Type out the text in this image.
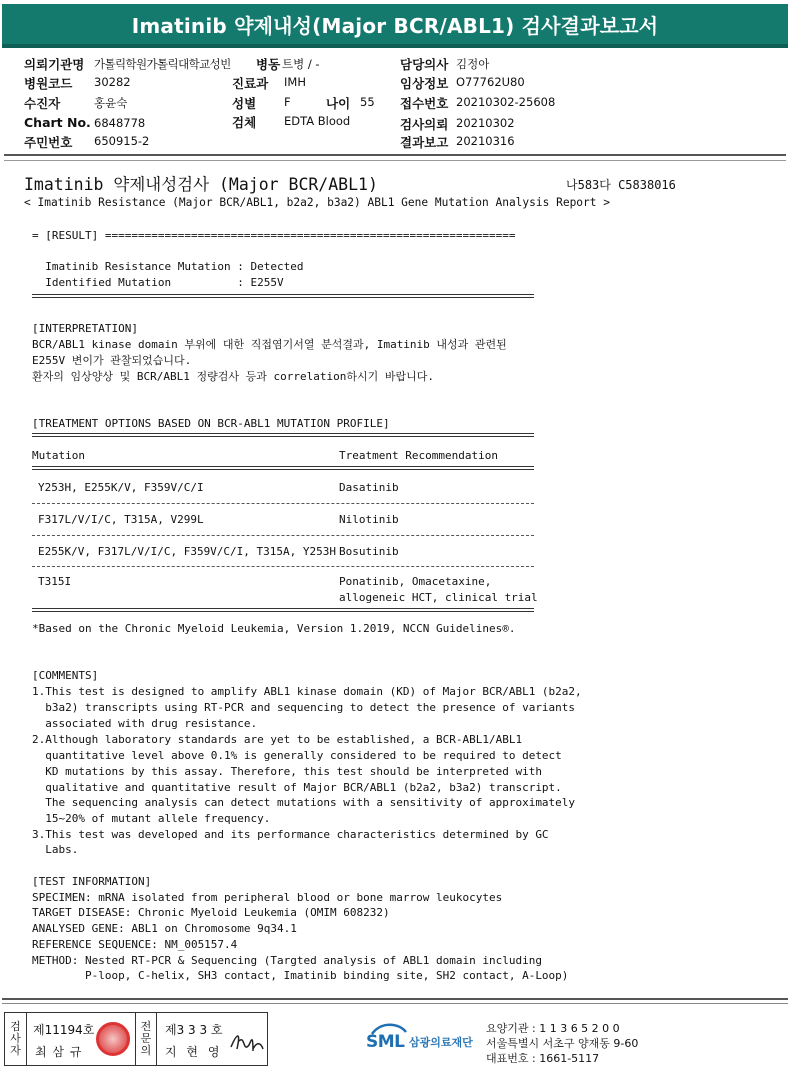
Imatinib 약제내성(Major BCR/ABL1) 검사결과보고서
의뢰기관명 가톨릭학원가톨릭대학교성빈 병동 트병 / -	담당의사 김정아
병원코드 30282	진료과 IMH	임상정보 O77762U80
수진자	홍윤숙	성별 F	나이 55 접수번호 20210302-25608
Chart No. 6848778	검체 EDTA Blood	검사의뢰 20210302
주민번호 650915-2	결과보고 20210316
Imatinib 약제내성검사 (Major BCR/ABL1)	나583다 C5838016
< Imatinib Resistance (Major BCR/ABL1, b2a2, b3a2) ABL1 Gene Mutation Analysis Report >
= [RESULT] ==============================================================
Imatinib Resistance Mutation : Detected
Identified Mutation          : E255V
[INTERPRETATION]
BCR/ABL1 kinase domain 부위에 대한 직접염기서열 분석결과, Imatinib 내성과 관련된
E255V 변이가 관찰되었습니다.
환자의 임상양상 및 BCR/ABL1 정량검사 등과 correlation하시기 바랍니다.
[TREATMENT OPTIONS BASED ON BCR-ABL1 MUTATION PROFILE]
Mutation	Treatment Recommendation
Y253H, E255K/V, F359V/C/I	Dasatinib
F317L/V/I/C, T315A, V299L	Nilotinib
E255K/V, F317L/V/I/C, F359V/C/I, T315A, Y253H Bosutinib
T315I	Ponatinib, Omacetaxine,
allogeneic HCT, clinical trial
*Based on the Chronic Myeloid Leukemia, Version 1.2019, NCCN Guidelines®.
[COMMENTS]
1.This test is designed to amplify ABL1 kinase domain (KD) of Major BCR/ABL1 (b2a2,
b3a2) transcripts using RT-PCR and sequencing to detect the presence of variants
associated with drug resistance.
2.Although laboratory standards are yet to be established, a BCR-ABL1/ABL1
quantitative level above 0.1% is generally considered to be required to detect
KD mutations by this assay. Therefore, this test should be interpreted with
qualitative and quantitative result of Major BCR/ABL1 (b2a2, b3a2) transcript.
The sequencing analysis can detect mutations with a sensitivity of approximately
15~20% of mutant allele frequency.
3.This test was developed and its performance characteristics determined by GC
Labs.
[TEST INFORMATION]
SPECIMEN: mRNA isolated from peripheral blood or bone marrow leukocytes
TARGET DISEASE: Chronic Myeloid Leukemia (OMIM 608232)
ANALYSED GENE: ABL1 on Chromosome 9q34.1
REFERENCE SEQUENCE: NM_005157.4
METHOD: Nested RT-PCR & Sequencing (Targted analysis of ABL1 domain including
P-loop, C-helix, SH3 contact, Imatinib binding site, SH2 contact, A-Loop)
검
사
자
제11194호
최 삼 규
전
문
의
제3 3 3 호
지 현 영	SML 삼광의료재단
요양기관 : 1 1 3 6 5 2 0 0
서울특별시 서초구 양재동 9-60
대표번호 : 1661-5117
